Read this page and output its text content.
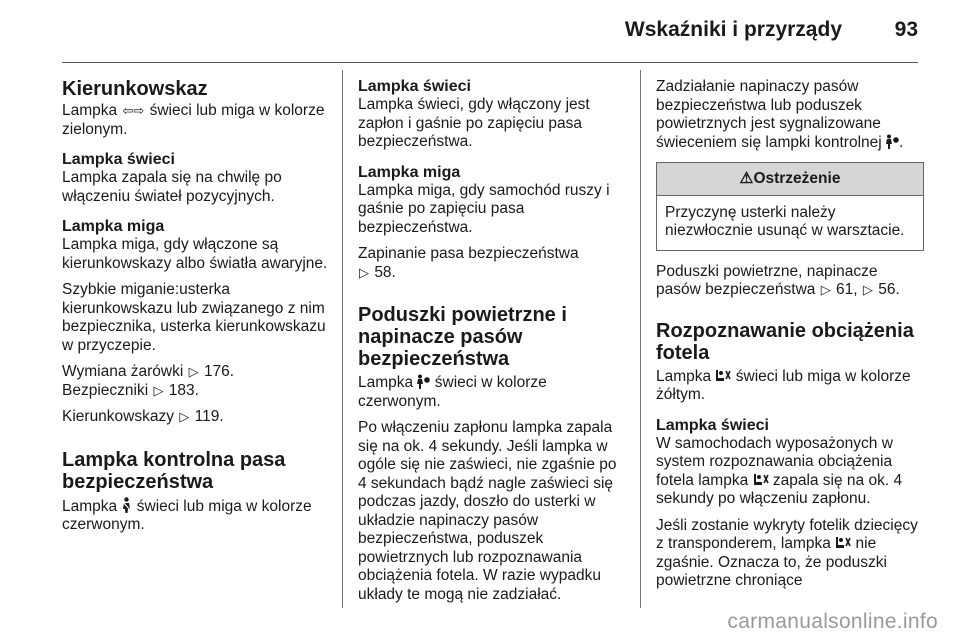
Wskaźniki i przyrządy	93
Kierunkowskaz

Lampka ⇦⇨ świeci lub miga w kolorze zielonym.

Lampka świeci

Lampka zapala się na chwilę po włączeniu świateł pozycyjnych.

Lampka miga

Lampka miga, gdy włączone są kierunkowskazy albo światła awaryjne.

Szybkie miganie:usterka kierunkowskazu lub związanego z nim bezpiecznika, usterka kierunkowskazu w przyczepie.

Wymiana żarówki ▷ 176.
Bezpieczniki ▷ 183.

Kierunkowskazy ▷ 119.

Lampka kontrolna pasa bezpieczeństwa

Lampka świeci lub miga w kolorze czerwonym.

Lampka świeci

Lampka świeci, gdy włączony jest zapłon i gaśnie po zapięciu pasa bezpieczeństwa.

Lampka miga

Lampka miga, gdy samochód ruszy i gaśnie po zapięciu pasa bezpieczeństwa.

Zapinanie pasa bezpieczeństwa
▷ 58.

Poduszki powietrzne i napinacze pasów bezpieczeństwa

Lampka świeci w kolorze czerwonym.

Po włączeniu zapłonu lampka zapala się na ok. 4 sekundy. Jeśli lampka w ogóle się nie zaświeci, nie zgaśnie po 4 sekundach bądź nagle zaświeci się podczas jazdy, doszło do usterki w układzie napinaczy pasów bezpieczeństwa, poduszek powietrznych lub rozpoznawania obciążenia fotela. W razie wypadku układy te mogą nie zadziałać.

Zadziałanie napinaczy pasów bezpieczeństwa lub poduszek powietrznych jest sygnalizowane świeceniem się lampki kontrolnej .

⚠Ostrzeżenie
Przyczynę usterki należy niezwłocznie usunąć w warsztacie.

Poduszki powietrzne, napinacze pasów bezpieczeństwa ▷ 61, ▷ 56.

Rozpoznawanie obciążenia fotela

Lampka świeci lub miga w kolorze żółtym.

Lampka świeci

W samochodach wyposażonych w system rozpoznawania obciążenia fotela lampka zapala się na ok. 4 sekundy po włączeniu zapłonu.

Jeśli zostanie wykryty fotelik dziecięcy z transponderem, lampka nie zgaśnie. Oznacza to, że poduszki powietrzne chroniące

carmanualsonline.info
